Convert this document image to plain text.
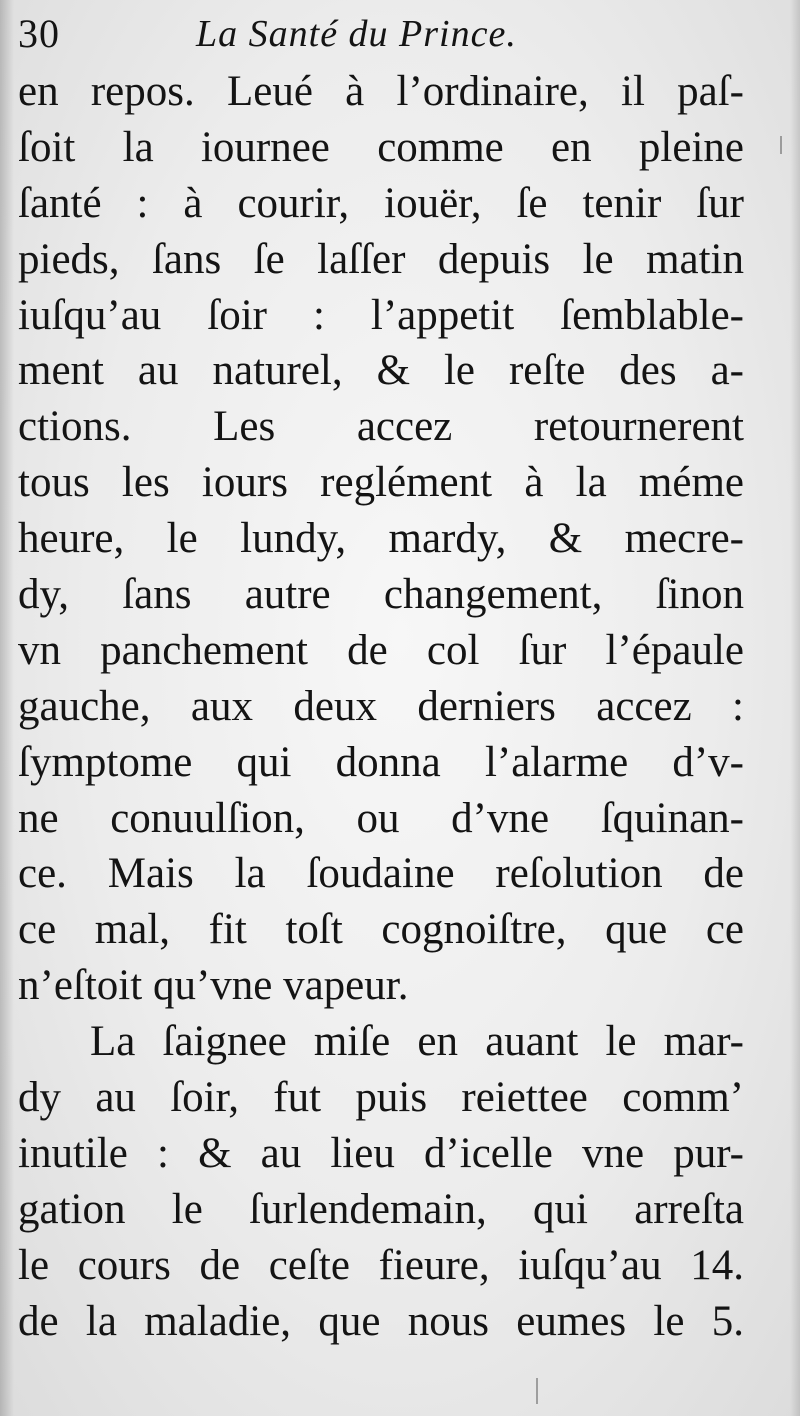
30	La Santé du Prince.
en repos. Leué à l’ordinaire, il paſ-
ſoit la iournee comme en pleine
ſanté : à courir, iouër, ſe tenir ſur
pieds, ſans ſe laſſer depuis le matin
iuſqu’au ſoir : l’appetit ſemblable-
ment au naturel, & le reſte des a-
ctions. Les accez retournerent
tous les iours reglément à la méme
heure, le lundy, mardy, & mecre-
dy, ſans autre changement, ſinon
vn panchement de col ſur l’épaule
gauche, aux deux derniers accez :
ſymptome qui donna l’alarme d’v-
ne conuulſion, ou d’vne ſquinan-
ce. Mais la ſoudaine reſolution de
ce mal, fit toſt cognoiſtre, que ce
n’eſtoit qu’vne vapeur.
La ſaignee miſe en auant le mar-
dy au ſoir, fut puis reiettee comm’
inutile : & au lieu d’icelle vne pur-
gation le ſurlendemain, qui arreſta
le cours de ceſte fieure, iuſqu’au 14.
de la maladie, que nous eumes le 5.
